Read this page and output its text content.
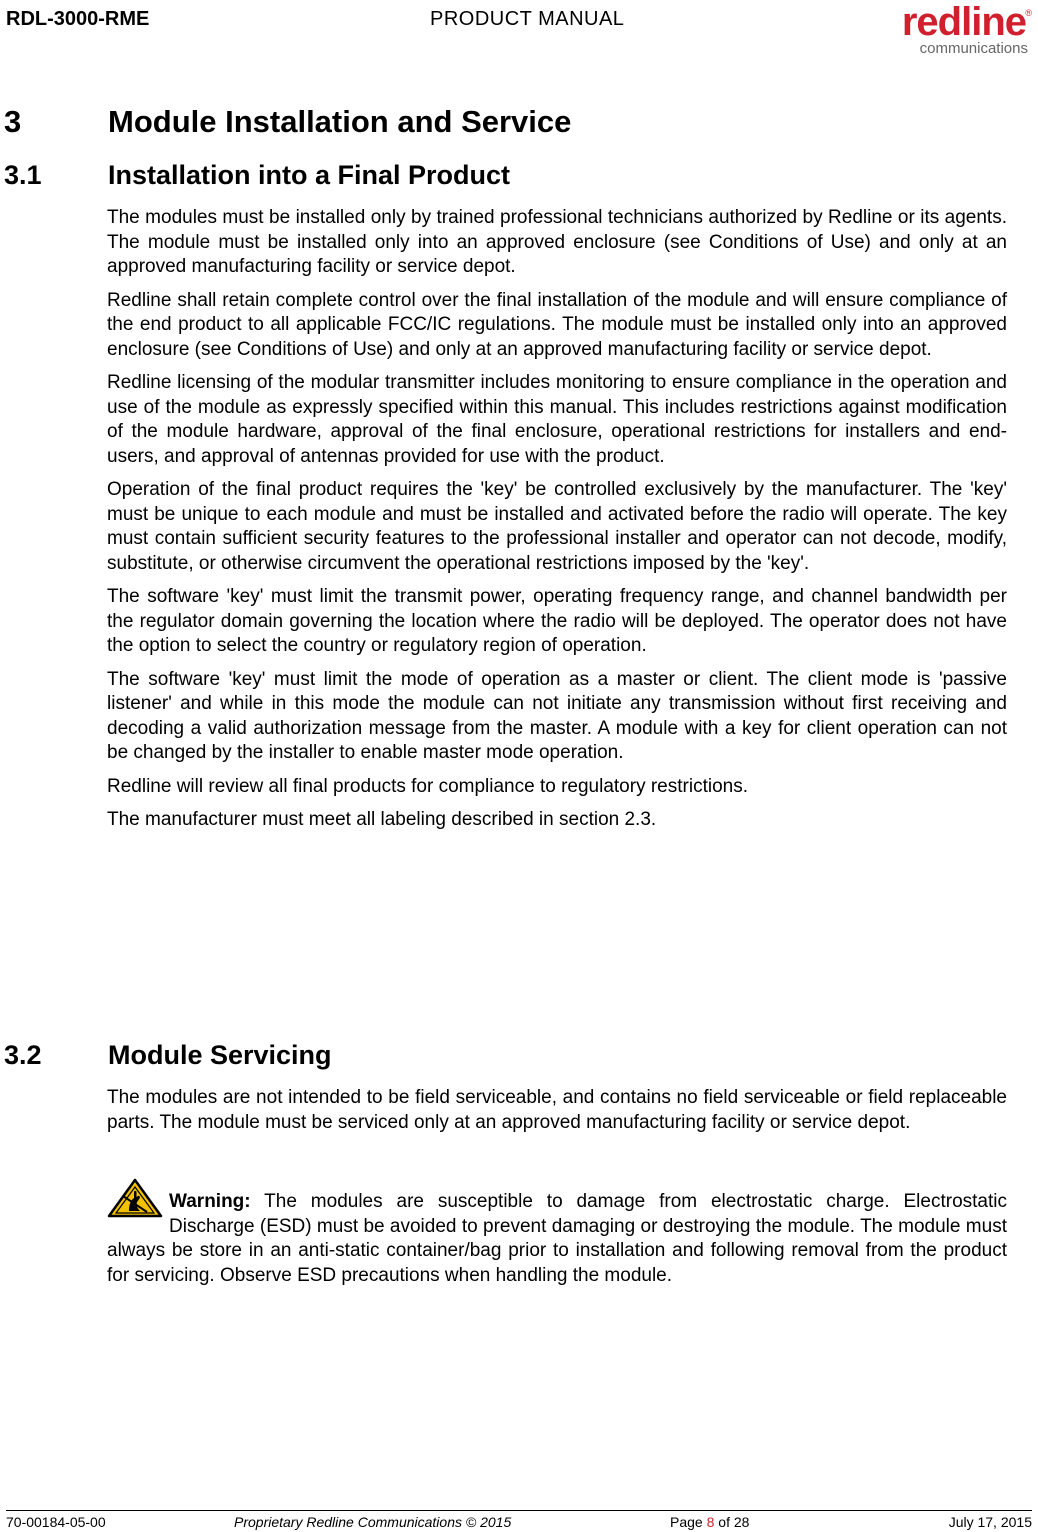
RDL-3000-RME	PRODUCT MANUAL	redline ®
communications
3	Module Installation and Service
3.1 Installation into a Final Product

The modules must be installed only by trained professional technicians authorized by Redline or its agents. The module must be installed only into an approved enclosure (see Conditions of Use) and only at an approved manufacturing facility or service depot.

Redline shall retain complete control over the final installation of the module and will ensure compliance of the end product to all applicable FCC/IC regulations. The module must be installed only into an approved enclosure (see Conditions of Use) and only at an approved manufacturing facility or service depot.

Redline licensing of the modular transmitter includes monitoring to ensure compliance in the operation and use of the module as expressly specified within this manual. This includes restrictions against modification of the module hardware, approval of the final enclosure, operational restrictions for installers and end-users, and approval of antennas provided for use with the product.

Operation of the final product requires the 'key' be controlled exclusively by the manufacturer. The 'key' must be unique to each module and must be installed and activated before the radio will operate. The key must contain sufficient security features to the professional installer and operator can not decode, modify, substitute, or otherwise circumvent the operational restrictions imposed by the 'key'.

The software 'key' must limit the transmit power, operating frequency range, and channel bandwidth per the regulator domain governing the location where the radio will be deployed. The operator does not have the option to select the country or regulatory region of operation.

The software 'key' must limit the mode of operation as a master or client. The client mode is 'passive listener' and while in this mode the module can not initiate any transmission without first receiving and decoding a valid authorization message from the master. A module with a key for client operation can not be changed by the installer to enable master mode operation.

Redline will review all final products for compliance to regulatory restrictions.

The manufacturer must meet all labeling described in section 2.3.

3.2 Module Servicing

The modules are not intended to be field serviceable, and contains no field serviceable or field replaceable parts. The module must be serviced only at an approved manufacturing facility or service depot.

Warning: The modules are susceptible to damage from electrostatic charge. Electrostatic Discharge (ESD) must be avoided to prevent damaging or destroying the module. The module must always be store in an anti-static container/bag prior to installation and following removal from the product for servicing. Observe ESD precautions when handling the module.
70-00184-05-00	Proprietary Redline Communications © 2015	Page 8 of 28	July 17, 2015
